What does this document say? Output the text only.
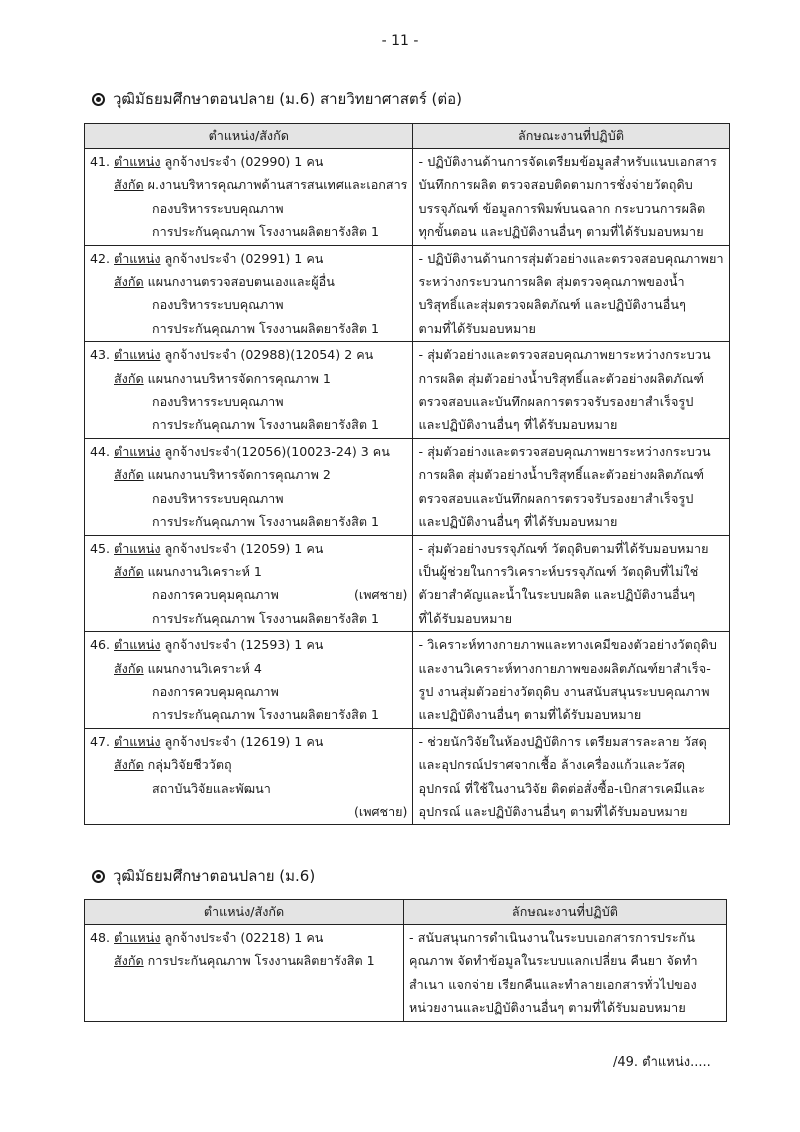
- 11 -
วุฒิมัธยมศึกษาตอนปลาย (ม.6) สายวิทยาศาสตร์ (ต่อ)
ตำแหน่ง/สังกัด	ลักษณะงานที่ปฏิบัติ

41. ตำแหน่ง ลูกจ้างประจำ (02990) 1 คน
สังกัด ผ.งานบริหารคุณภาพด้านสารสนเทศและเอกสาร
กองบริหารระบบคุณภาพ
การประกันคุณภาพ โรงงานผลิตยารังสิต 1	- ปฏิบัติงานด้านการจัดเตรียมข้อมูลสำหรับแนบเอกสาร
บันทึกการผลิต ตรวจสอบติดตามการชั่งจ่ายวัตถุดิบ
บรรจุภัณฑ์ ข้อมูลการพิมพ์บนฉลาก กระบวนการผลิต
ทุกขั้นตอน และปฏิบัติงานอื่นๆ ตามที่ได้รับมอบหมาย

42. ตำแหน่ง ลูกจ้างประจำ (02991) 1 คน
สังกัด แผนกงานตรวจสอบตนเองและผู้อื่น
กองบริหารระบบคุณภาพ
การประกันคุณภาพ โรงงานผลิตยารังสิต 1	- ปฏิบัติงานด้านการสุ่มตัวอย่างและตรวจสอบคุณภาพยา
ระหว่างกระบวนการผลิต สุ่มตรวจคุณภาพของน้ำ
บริสุทธิ์และสุ่มตรวจผลิตภัณฑ์ และปฏิบัติงานอื่นๆ
ตามที่ได้รับมอบหมาย

43. ตำแหน่ง ลูกจ้างประจำ (02988)(12054) 2 คน
สังกัด แผนกงานบริหารจัดการคุณภาพ 1
กองบริหารระบบคุณภาพ
การประกันคุณภาพ โรงงานผลิตยารังสิต 1	- สุ่มตัวอย่างและตรวจสอบคุณภาพยาระหว่างกระบวน
การผลิต สุ่มตัวอย่างน้ำบริสุทธิ์และตัวอย่างผลิตภัณฑ์
ตรวจสอบและบันทึกผลการตรวจรับรองยาสำเร็จรูป
และปฏิบัติงานอื่นๆ ที่ได้รับมอบหมาย

44. ตำแหน่ง ลูกจ้างประจำ(12056)(10023-24) 3 คน
สังกัด แผนกงานบริหารจัดการคุณภาพ 2
กองบริหารระบบคุณภาพ
การประกันคุณภาพ โรงงานผลิตยารังสิต 1	- สุ่มตัวอย่างและตรวจสอบคุณภาพยาระหว่างกระบวน
การผลิต สุ่มตัวอย่างน้ำบริสุทธิ์และตัวอย่างผลิตภัณฑ์
ตรวจสอบและบันทึกผลการตรวจรับรองยาสำเร็จรูป
และปฏิบัติงานอื่นๆ ที่ได้รับมอบหมาย

45. ตำแหน่ง ลูกจ้างประจำ (12059) 1 คน
สังกัด แผนกงานวิเคราะห์ 1
กองการควบคุมคุณภาพ (เพศชาย)
การประกันคุณภาพ โรงงานผลิตยารังสิต 1	- สุ่มตัวอย่างบรรจุภัณฑ์ วัตถุดิบตามที่ได้รับมอบหมาย
เป็นผู้ช่วยในการวิเคราะห์บรรจุภัณฑ์ วัตถุดิบที่ไม่ใช่
ตัวยาสำคัญและน้ำในระบบผลิต และปฏิบัติงานอื่นๆ
ที่ได้รับมอบหมาย

46. ตำแหน่ง ลูกจ้างประจำ (12593) 1 คน
สังกัด แผนกงานวิเคราะห์ 4
กองการควบคุมคุณภาพ
การประกันคุณภาพ โรงงานผลิตยารังสิต 1	- วิเคราะห์ทางกายภาพและทางเคมีของตัวอย่างวัตถุดิบ
และงานวิเคราะห์ทางกายภาพของผลิตภัณฑ์ยาสำเร็จ-
รูป งานสุ่มตัวอย่างวัตถุดิบ งานสนับสนุนระบบคุณภาพ
และปฏิบัติงานอื่นๆ ตามที่ได้รับมอบหมาย

47. ตำแหน่ง ลูกจ้างประจำ (12619) 1 คน
สังกัด กลุ่มวิจัยชีววัตถุ
สถาบันวิจัยและพัฒนา
(เพศชาย)	- ช่วยนักวิจัยในห้องปฏิบัติการ เตรียมสารละลาย วัสดุ
และอุปกรณ์ปราศจากเชื้อ ล้างเครื่องแก้วและวัสดุ
อุปกรณ์ ที่ใช้ในงานวิจัย ติดต่อสั่งซื้อ-เบิกสารเคมีและ
อุปกรณ์ และปฏิบัติงานอื่นๆ ตามที่ได้รับมอบหมาย
วุฒิมัธยมศึกษาตอนปลาย (ม.6)
ตำแหน่ง/สังกัด	ลักษณะงานที่ปฏิบัติ

48. ตำแหน่ง ลูกจ้างประจำ (02218) 1 คน
สังกัด การประกันคุณภาพ โรงงานผลิตยารังสิต 1	- สนับสนุนการดำเนินงานในระบบเอกสารการประกัน
คุณภาพ จัดทำข้อมูลในระบบแลกเปลี่ยน คืนยา จัดทำ
สำเนา แจกจ่าย เรียกคืนและทำลายเอกสารทั่วไปของ
หน่วยงานและปฏิบัติงานอื่นๆ ตามที่ได้รับมอบหมาย
/49. ตำแหน่ง.....
